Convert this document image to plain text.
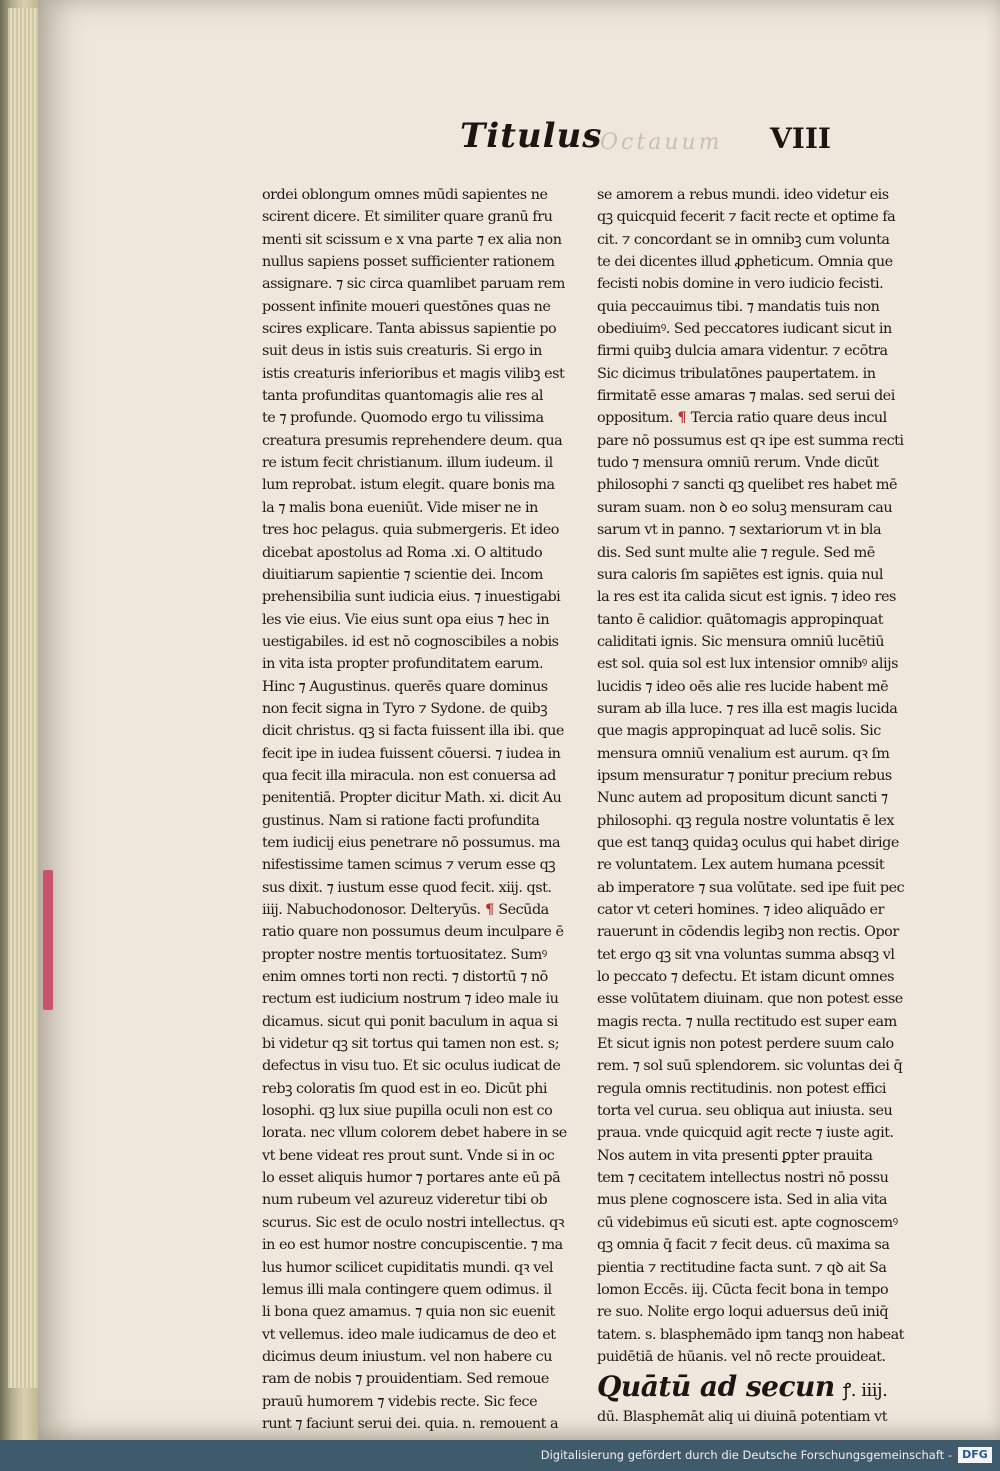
Titulus
Octauum VIII
ordei oblongum omnes mūdi sapientes ne
scirent dicere. Et similiter quare granū fru
menti sit scissum e x vna parte ⁊ ex alia non
nullus sapiens posset sufficienter rationem
assignare. ⁊ sic circa quamlibet paruam rem
possent infinite moueri questōnes quas ne
scires explicare. Tanta abissus sapientie po
suit deus in istis suis creaturis. Si ergo in
istis creaturis inferioribus et magis vilibꝫ est
tanta profunditas quantomagis alie res al
te ⁊ profunde. Quomodo ergo tu vilissima
creatura presumis reprehendere deum. qua
re istum fecit christianum. illum iudeum. il
lum reprobat. istum elegit. quare bonis ma
la ⁊ malis bona eueniūt. Vide miser ne in
tres hoc pelagus. quia submergeris. Et ideo
dicebat apostolus ad Roma .xi. O altitudo
diuitiarum sapientie ⁊ scientie dei. Incom
prehensibilia sunt iudicia eius. ⁊ inuestigabi
les vie eius. Vie eius sunt opa eius ⁊ hec in
uestigabiles. id est nō cognoscibiles a nobis
in vita ista propter profunditatem earum.
Hinc ⁊ Augustinus. querēs quare dominus
non fecit signa in Tyro ⁊ Sydone. de quibꝫ
dicit christus. qꝫ si facta fuissent illa ibi. que
fecit ipe in iudea fuissent cōuersi. ⁊ iudea in
qua fecit illa miracula. non est conuersa ad
penitentiā. Propter dicitur Math. xi. dicit Au
gustinus. Nam si ratione facti profundita
tem iudicij eius penetrare nō possumus. ma
nifestissime tamen scimus ⁊ verum esse qꝫ
sus dixit. ⁊ iustum esse quod fecit. xiij. qst.
iiij. Nabuchodonosor. Delteryūs. ¶ Secūda
ratio quare non possumus deum inculpare ē
propter nostre mentis tortuositatez. Sumꝰ
enim omnes torti non recti. ⁊ distortū ⁊ nō
rectum est iudicium nostrum ⁊ ideo male iu
dicamus. sicut qui ponit baculum in aqua si
bi videtur qꝫ sit tortus qui tamen non est. s;
defectus in visu tuo. Et sic oculus iudicat de
rebꝫ coloratis ſm quod est in eo. Dicūt phi
losophi. qꝫ lux siue pupilla oculi non est co
lorata. nec vllum colorem debet habere in se
vt bene videat res prout sunt. Vnde si in oc
lo esset aliquis humor ⁊ portares ante eū pā
num rubeum vel azureuz videretur tibi ob
scurus. Sic est de oculo nostri intellectus. qꝛ
in eo est humor nostre concupiscentie. ⁊ ma
lus humor scilicet cupiditatis mundi. qꝛ vel
lemus illi mala contingere quem odimus. il
li bona quez amamus. ⁊ quia non sic euenit
vt vellemus. ideo male iudicamus de deo et
dicimus deum iniustum. vel non habere cu
ram de nobis ⁊ prouidentiam. Sed remoue
prauū humorem ⁊ videbis recte. Sic fece
runt ⁊ faciunt serui dei. quia. n. remouent a
se amorem a rebus mundi. ideo videtur eis
qꝫ quicquid fecerit ⁊ facit recte et optime fa
cit. ⁊ concordant se in omnibꝫ cum volunta
te dei dicentes illud ꝓpheticum. Omnia que
fecisti nobis domine in vero iudicio fecisti.
quia peccauimus tibi. ⁊ mandatis tuis non
obediuimꝰ. Sed peccatores iudicant sicut in
firmi quibꝫ dulcia amara videntur. ⁊ ecōtra
Sic dicimus tribulatōnes paupertatem. in
firmitatē esse amaras ⁊ malas. sed serui dei
oppositum. ¶ Tercia ratio quare deus incul
pare nō possumus est qꝛ ipe est summa recti
tudo ⁊ mensura omniū rerum. Vnde dicūt
philosophi ⁊ sancti qꝫ quelibet res habet mē
suram suam. non ꝺ eo soluꝫ mensuram cau
sarum vt in panno. ⁊ sextariorum vt in bla
dis. Sed sunt multe alie ⁊ regule. Sed mē
sura caloris ſm sapiētes est ignis. quia nul
la res est ita calida sicut est ignis. ⁊ ideo res
tanto ē calidior. quātomagis appropinquat
caliditati ignis. Sic mensura omniū lucētiū
est sol. quia sol est lux intensior omnibꝰ alijs
lucidis ⁊ ideo oēs alie res lucide habent mē
suram ab illa luce. ⁊ res illa est magis lucida
que magis appropinquat ad lucē solis. Sic
mensura omniū venalium est aurum. qꝛ ſm
ipsum mensuratur ⁊ ponitur precium rebus
Nunc autem ad propositum dicunt sancti ⁊
philosophi. qꝫ regula nostre voluntatis ē lex
que est tanqꝫ quidaꝫ oculus qui habet dirige
re voluntatem. Lex autem humana pcessit
ab imperatore ⁊ sua volūtate. sed ipe fuit pec
cator vt ceteri homines. ⁊ ideo aliquādo er
rauerunt in cōdendis legibꝫ non rectis. Opor
tet ergo qꝫ sit vna voluntas summa absqꝫ vl
lo peccato ⁊ defectu. Et istam dicunt omnes
esse volūtatem diuinam. que non potest esse
magis recta. ⁊ nulla rectitudo est super eam
Et sicut ignis non potest perdere suum calo
rem. ⁊ sol suū splendorem. sic voluntas dei q̄
regula omnis rectitudinis. non potest effici
torta vel curua. seu obliqua aut iniusta. seu
praua. vnde quicquid agit recte ⁊ iuste agit.
Nos autem in vita presenti ꝑpter prauita
tem ⁊ cecitatem intellectus nostri nō possu
mus plene cognoscere ista. Sed in alia vita
cū videbimus eū sicuti est. apte cognoscemꝰ
qꝫ omnia q̄ facit ⁊ fecit deus. cū maxima sa
pientia ⁊ rectitudine facta sunt. ⁊ qꝺ ait Sa
lomon Eccēs. iij. Cūcta fecit bona in tempo
re suo. Nolite ergo loqui aduersus deū iniq̄
tatem. s. blasphemādo ipm tanqꝫ non habeat
puidētiā de hūanis. vel nō recte prouideat.
Quātū ad secun ꝭ. iiij.
dū. Blasphemāt aliq ui diuinā potentiam vt
Digitalisierung gefördert durch die Deutsche Forschungsgemeinschaft - DFG
